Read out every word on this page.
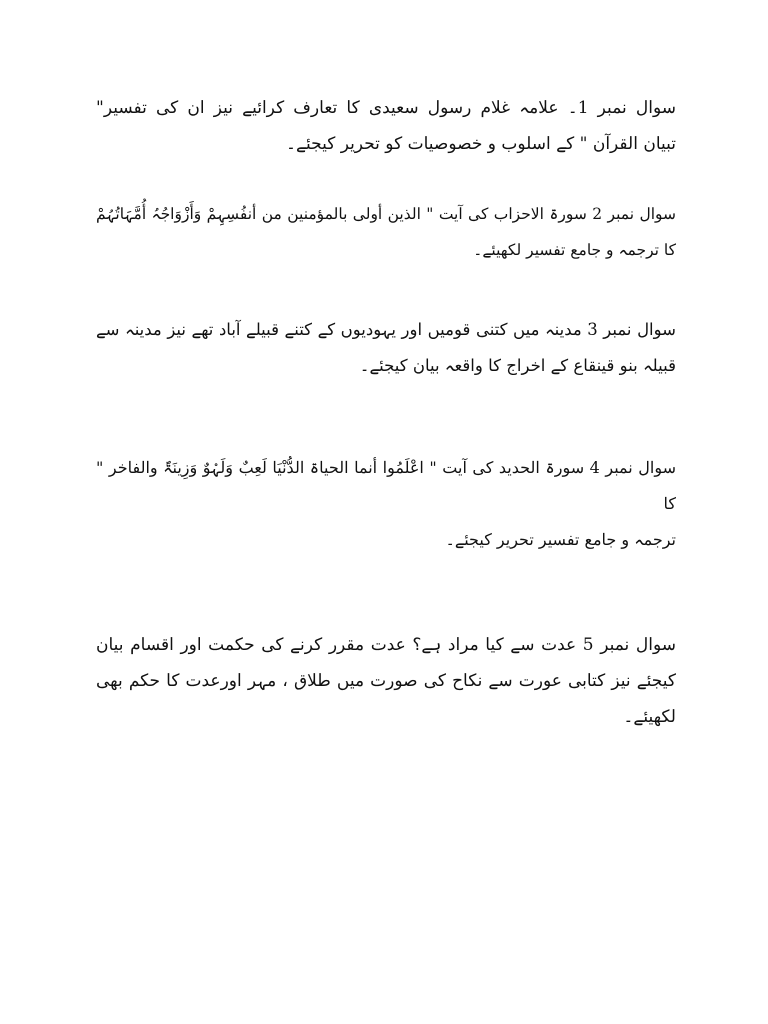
سوال نمبر 1۔ علامہ غلام رسول سعیدی کا تعارف کرائیے نیز ان کی تفسیر"
تبیان القرآن " کے اسلوب و خصوصیات کو تحریر کیجئے۔
سوال نمبر 2 سورۃ الاحزاب کی آیت " الذین أولی بالمؤمنین من أنفُسِہِمْ وَأَزْوَاجُہُ أُمَّہَاتُہُمْ
کا ترجمہ و جامع تفسیر لکھیئے۔
سوال نمبر 3 مدینہ میں کتنی قومیں اور یہودیوں کے کتنے قبیلے آباد تھے نیز مدینہ سے
قبیلہ بنو قینقاع کے اخراج کا واقعہ بیان کیجئے۔
سوال نمبر 4 سورۃ الحدید کی آیت " اعْلَمُوا أنما الحیاۃ الدُّنْیَا لَعِبٌ وَلَہْوٌ وَزِینَۃٌ والفاخر "
کا
ترجمہ و جامع تفسیر تحریر کیجئے۔
سوال نمبر 5 عدت سے کیا مراد ہے؟ عدت مقرر کرنے کی حکمت اور اقسام بیان
کیجئے نیز کتابی عورت سے نکاح کی صورت میں طلاق ، مہر اورعدت کا حکم بھی
لکھیئے۔
